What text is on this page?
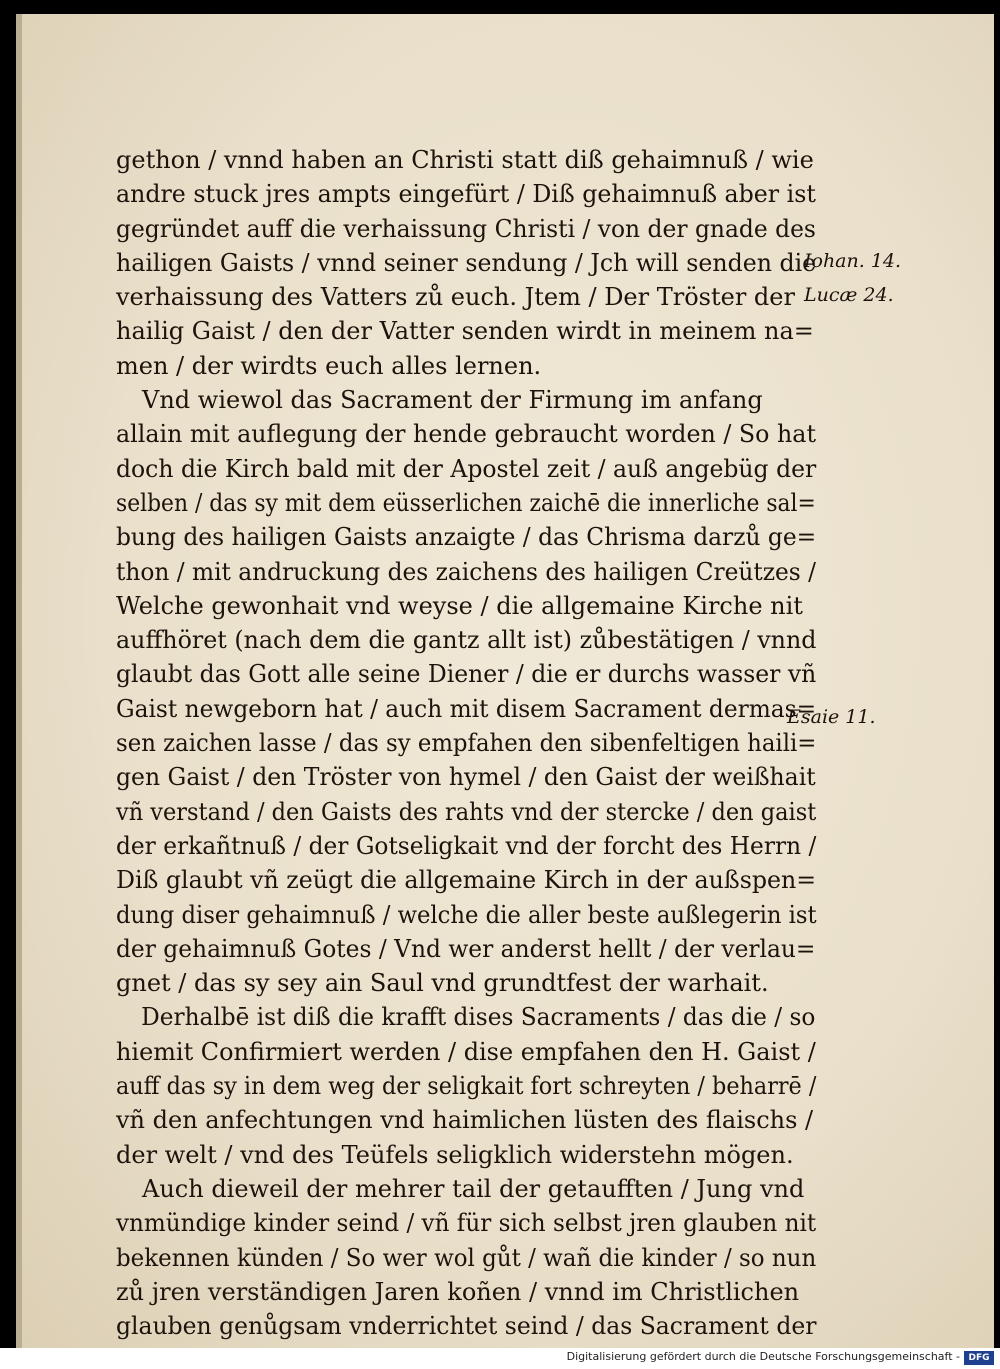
gethon / vnnd haben an Christi statt diß gehaimnuß / wie
andre stuck jres ampts eingefürt / Diß gehaimnuß aber ist
gegründet auff die verhaissung Christi / von der gnade des
hailigen Gaists / vnnd seiner sendung / Jch will senden die
verhaissung des Vatters zů euch. Jtem / Der Tröster der
hailig Gaist / den der Vatter senden wirdt in meinem na=
men / der wirdts euch alles lernen.
Vnd wiewol das Sacrament der Firmung im anfang
allain mit auflegung der hende gebraucht worden / So hat
doch die Kirch bald mit der Apostel zeit / auß angebüg der
selben / das sy mit dem eüsserlichen zaichē die innerliche sal=
bung des hailigen Gaists anzaigte / das Chrisma darzů ge=
thon / mit andruckung des zaichens des hailigen Creützes /
Welche gewonhait vnd weyse / die allgemaine Kirche nit
auffhöret (nach dem die gantz allt ist) zůbestätigen / vnnd
glaubt das Gott alle seine Diener / die er durchs wasser vñ
Gaist newgeborn hat / auch mit disem Sacrament dermas=
sen zaichen lasse / das sy empfahen den sibenfeltigen haili=
gen Gaist / den Tröster von hymel / den Gaist der weißhait
vñ verstand / den Gaists des rahts vnd der stercke / den gaist
der erkañtnuß / der Gotseligkait vnd der forcht des Herrn /
Diß glaubt vñ zeügt die allgemaine Kirch in der außspen=
dung diser gehaimnuß / welche die aller beste außlegerin ist
der gehaimnuß Gotes / Vnd wer anderst hellt / der verlau=
gnet / das sy sey ain Saul vnd grundtfest der warhait.
Derhalbē ist diß die krafft dises Sacraments / das die / so
hiemit Confirmiert werden / dise empfahen den H. Gaist /
auff das sy in dem weg der seligkait fort schreyten / beharrē /
vñ den anfechtungen vnd haimlichen lüsten des flaischs /
der welt / vnd des Teüfels seligklich widerstehn mögen.
Auch dieweil der mehrer tail der getaufften / Jung vnd
vnmündige kinder seind / vñ für sich selbst jren glauben nit
bekennen künden / So wer wol gůt / wañ die kinder / so nun
zů jren verständigen Jaren koñen / vnnd im Christlichen
glauben genůgsam vnderrichtet seind / das Sacrament der
Iohan. 14.
Lucæ 24.
Esaie 11.
Digitalisierung gefördert durch die Deutsche Forschungsgemeinschaft - DFG
